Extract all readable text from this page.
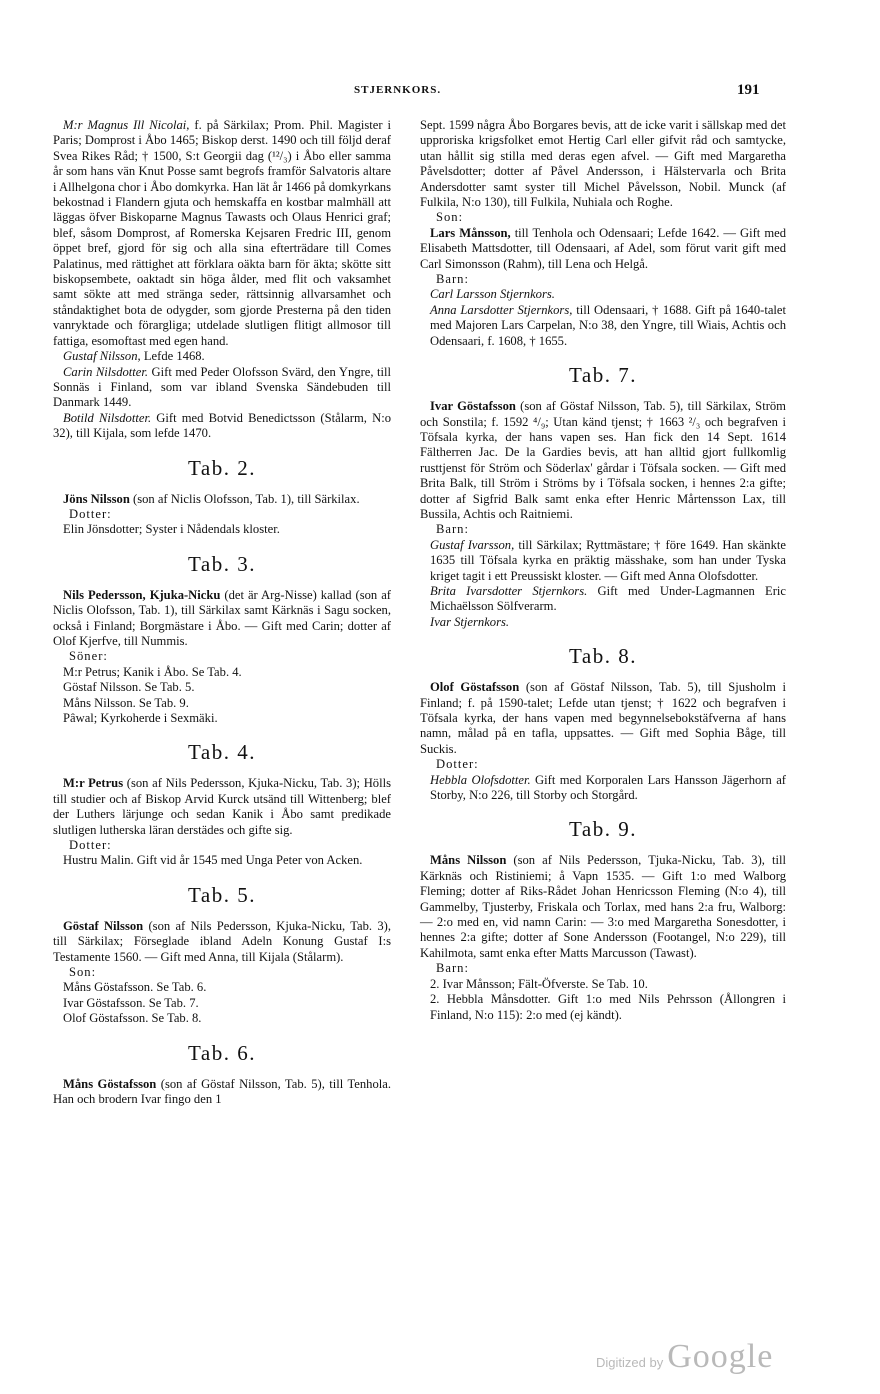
STJERNKORS.	191

M:r Magnus Ill Nicolai, f. på Särkilax; Prom. Phil. Magister i Paris; Domprost i Åbo 1465; Biskop derst. 1490 och till följd deraf Svea Rikes Råd; † 1500, S:t Georgii dag (¹²/₃) i Åbo eller samma år som hans vän Knut Posse samt begrofs framför Salvatoris altare i Allhelgona chor i Åbo domkyrka. Han lät år 1466 på domkyrkans bekostnad i Flandern gjuta och hemskaffa en kostbar malmhäll att läggas öfver Biskoparne Magnus Tawasts och Olaus Henrici graf; blef, såsom Domprost, af Romerska Kejsaren Fredric III, genom öppet bref, gjord för sig och alla sina efterträdare till Comes Palatinus, med rättighet att förklara oäkta barn för äkta; skötte sitt biskopsembete, oaktadt sin höga ålder, med flit och vaksamhet samt sökte att med stränga seder, rättsinnig allvarsamhet och ståndaktighet bota de odygder, som gjorde Presterna på den tiden vanryktade och förargliga; utdelade slutligen flitigt allmosor till fattiga, esomoftast med egen hand.

Gustaf Nilsson, Lefde 1468.

Carin Nilsdotter. Gift med Peder Olofsson Svärd, den Yngre, till Sonnäs i Finland, som var ibland Svenska Sändebuden till Danmark 1449.

Botild Nilsdotter. Gift med Botvid Benedictsson (Stålarm, N:o 32), till Kijala, som lefde 1470.

Tab. 2.

Jöns Nilsson (son af Niclis Olofsson, Tab. 1), till Särkilax.

Dotter:

Elin Jönsdotter; Syster i Nådendals kloster.

Tab. 3.

Nils Pedersson, Kjuka-Nicku (det är Arg-Nisse) kallad (son af Niclis Olofsson, Tab. 1), till Särkilax samt Kärknäs i Sagu socken, också i Finland; Borgmästare i Åbo. — Gift med Carin; dotter af Olof Kjerfve, till Nummis.

Söner:

M:r Petrus; Kanik i Åbo. Se Tab. 4.

Göstaf Nilsson. Se Tab. 5.

Måns Nilsson. Se Tab. 9.

Pâwal; Kyrkoherde i Sexmäki.

Tab. 4.

M:r Petrus (son af Nils Pedersson, Kjuka-Nicku, Tab. 3); Hölls till studier och af Biskop Arvid Kurck utsänd till Wittenberg; blef der Luthers lärjunge och sedan Kanik i Åbo samt predikade slutligen lutherska läran derstädes och gifte sig.

Dotter:

Hustru Malin. Gift vid år 1545 med Unga Peter von Acken.

Tab. 5.

Göstaf Nilsson (son af Nils Pedersson, Kjuka-Nicku, Tab. 3), till Särkilax; Förseglade ibland Adeln Konung Gustaf I:s Testamente 1560. — Gift med Anna, till Kijala (Stålarm).

Son:

Måns Göstafsson. Se Tab. 6.

Ivar Göstafsson. Se Tab. 7.

Olof Göstafsson. Se Tab. 8.

Tab. 6.

Måns Göstafsson (son af Göstaf Nilsson, Tab. 5), till Tenhola. Han och brodern Ivar fingo den 1

Sept. 1599 några Åbo Borgares bevis, att de icke varit i sällskap med det upproriska krigsfolket emot Hertig Carl eller gifvit råd och samtycke, utan hållit sig stilla med deras egen afvel. — Gift med Margaretha Påvelsdotter; dotter af Påvel Andersson, i Hälstervarla och Brita Andersdotter samt syster till Michel Påvelsson, Nobil. Munck (af Fulkila, N:o 130), till Fulkila, Nuhiala och Roghe.

Son:

Lars Månsson, till Tenhola och Odensaari; Lefde 1642. — Gift med Elisabeth Mattsdotter, till Odensaari, af Adel, som förut varit gift med Carl Simonsson (Rahm), till Lena och Helgå.

Barn:

Carl Larsson Stjernkors.

Anna Larsdotter Stjernkors, till Odensaari, † 1688. Gift på 1640-talet med Majoren Lars Carpelan, N:o 38, den Yngre, till Wiais, Achtis och Odensaari, f. 1608, † 1655.

Tab. 7.

Ivar Göstafsson (son af Göstaf Nilsson, Tab. 5), till Särkilax, Ström och Sonstila; f. 1592 ⁴/₉; Utan känd tjenst; † 1663 ²/₃ och begrafven i Töfsala kyrka, der hans vapen ses. Han fick den 14 Sept. 1614 Fältherren Jac. De la Gardies bevis, att han alltid gjort fullkomlig rusttjenst för Ström och Söderlax' gårdar i Töfsala socken. — Gift med Brita Balk, till Ström i Ströms by i Töfsala socken, i hennes 2:a gifte; dotter af Sigfrid Balk samt enka efter Henric Mårtensson Lax, till Bussila, Achtis och Raitniemi.

Barn:

Gustaf Ivarsson, till Särkilax; Ryttmästare; † före 1649. Han skänkte 1635 till Töfsala kyrka en präktig mässhake, som han under Tyska kriget tagit i ett Preussiskt kloster. — Gift med Anna Olofsdotter.

Brita Ivarsdotter Stjernkors. Gift med Under-Lagmannen Eric Michaëlsson Sölfverarm.

Ivar Stjernkors.

Tab. 8.

Olof Göstafsson (son af Göstaf Nilsson, Tab. 5), till Sjusholm i Finland; f. på 1590-talet; Lefde utan tjenst; † 1622 och begrafven i Töfsala kyrka, der hans vapen med begynnelsebokstäfverna af hans namn, målad på en tafla, uppsattes. — Gift med Sophia Båge, till Suckis.

Dotter:

Hebbla Olofsdotter. Gift med Korporalen Lars Hansson Jägerhorn af Storby, N:o 226, till Storby och Storgård.

Tab. 9.

Måns Nilsson (son af Nils Pedersson, Tjuka-Nicku, Tab. 3), till Kärknäs och Ristiniemi; å Vapn 1535. — Gift 1:o med Walborg Fleming; dotter af Riks-Rådet Johan Henricsson Fleming (N:o 4), till Gammelby, Tjusterby, Friskala och Torlax, med hans 2:a fru, Walborg: — 2:o med en, vid namn Carin: — 3:o med Margaretha Sonesdotter, i hennes 2:a gifte; dotter af Sone Andersson (Footangel, N:o 229), till Kahilmota, samt enka efter Matts Marcusson (Tawast).

Barn:

2. Ivar Månsson; Fält-Öfverste. Se Tab. 10.

2. Hebbla Månsdotter. Gift 1:o med Nils Pehrsson (Ållongren i Finland, N:o 115): 2:o med (ej kändt).

Digitized by Google
